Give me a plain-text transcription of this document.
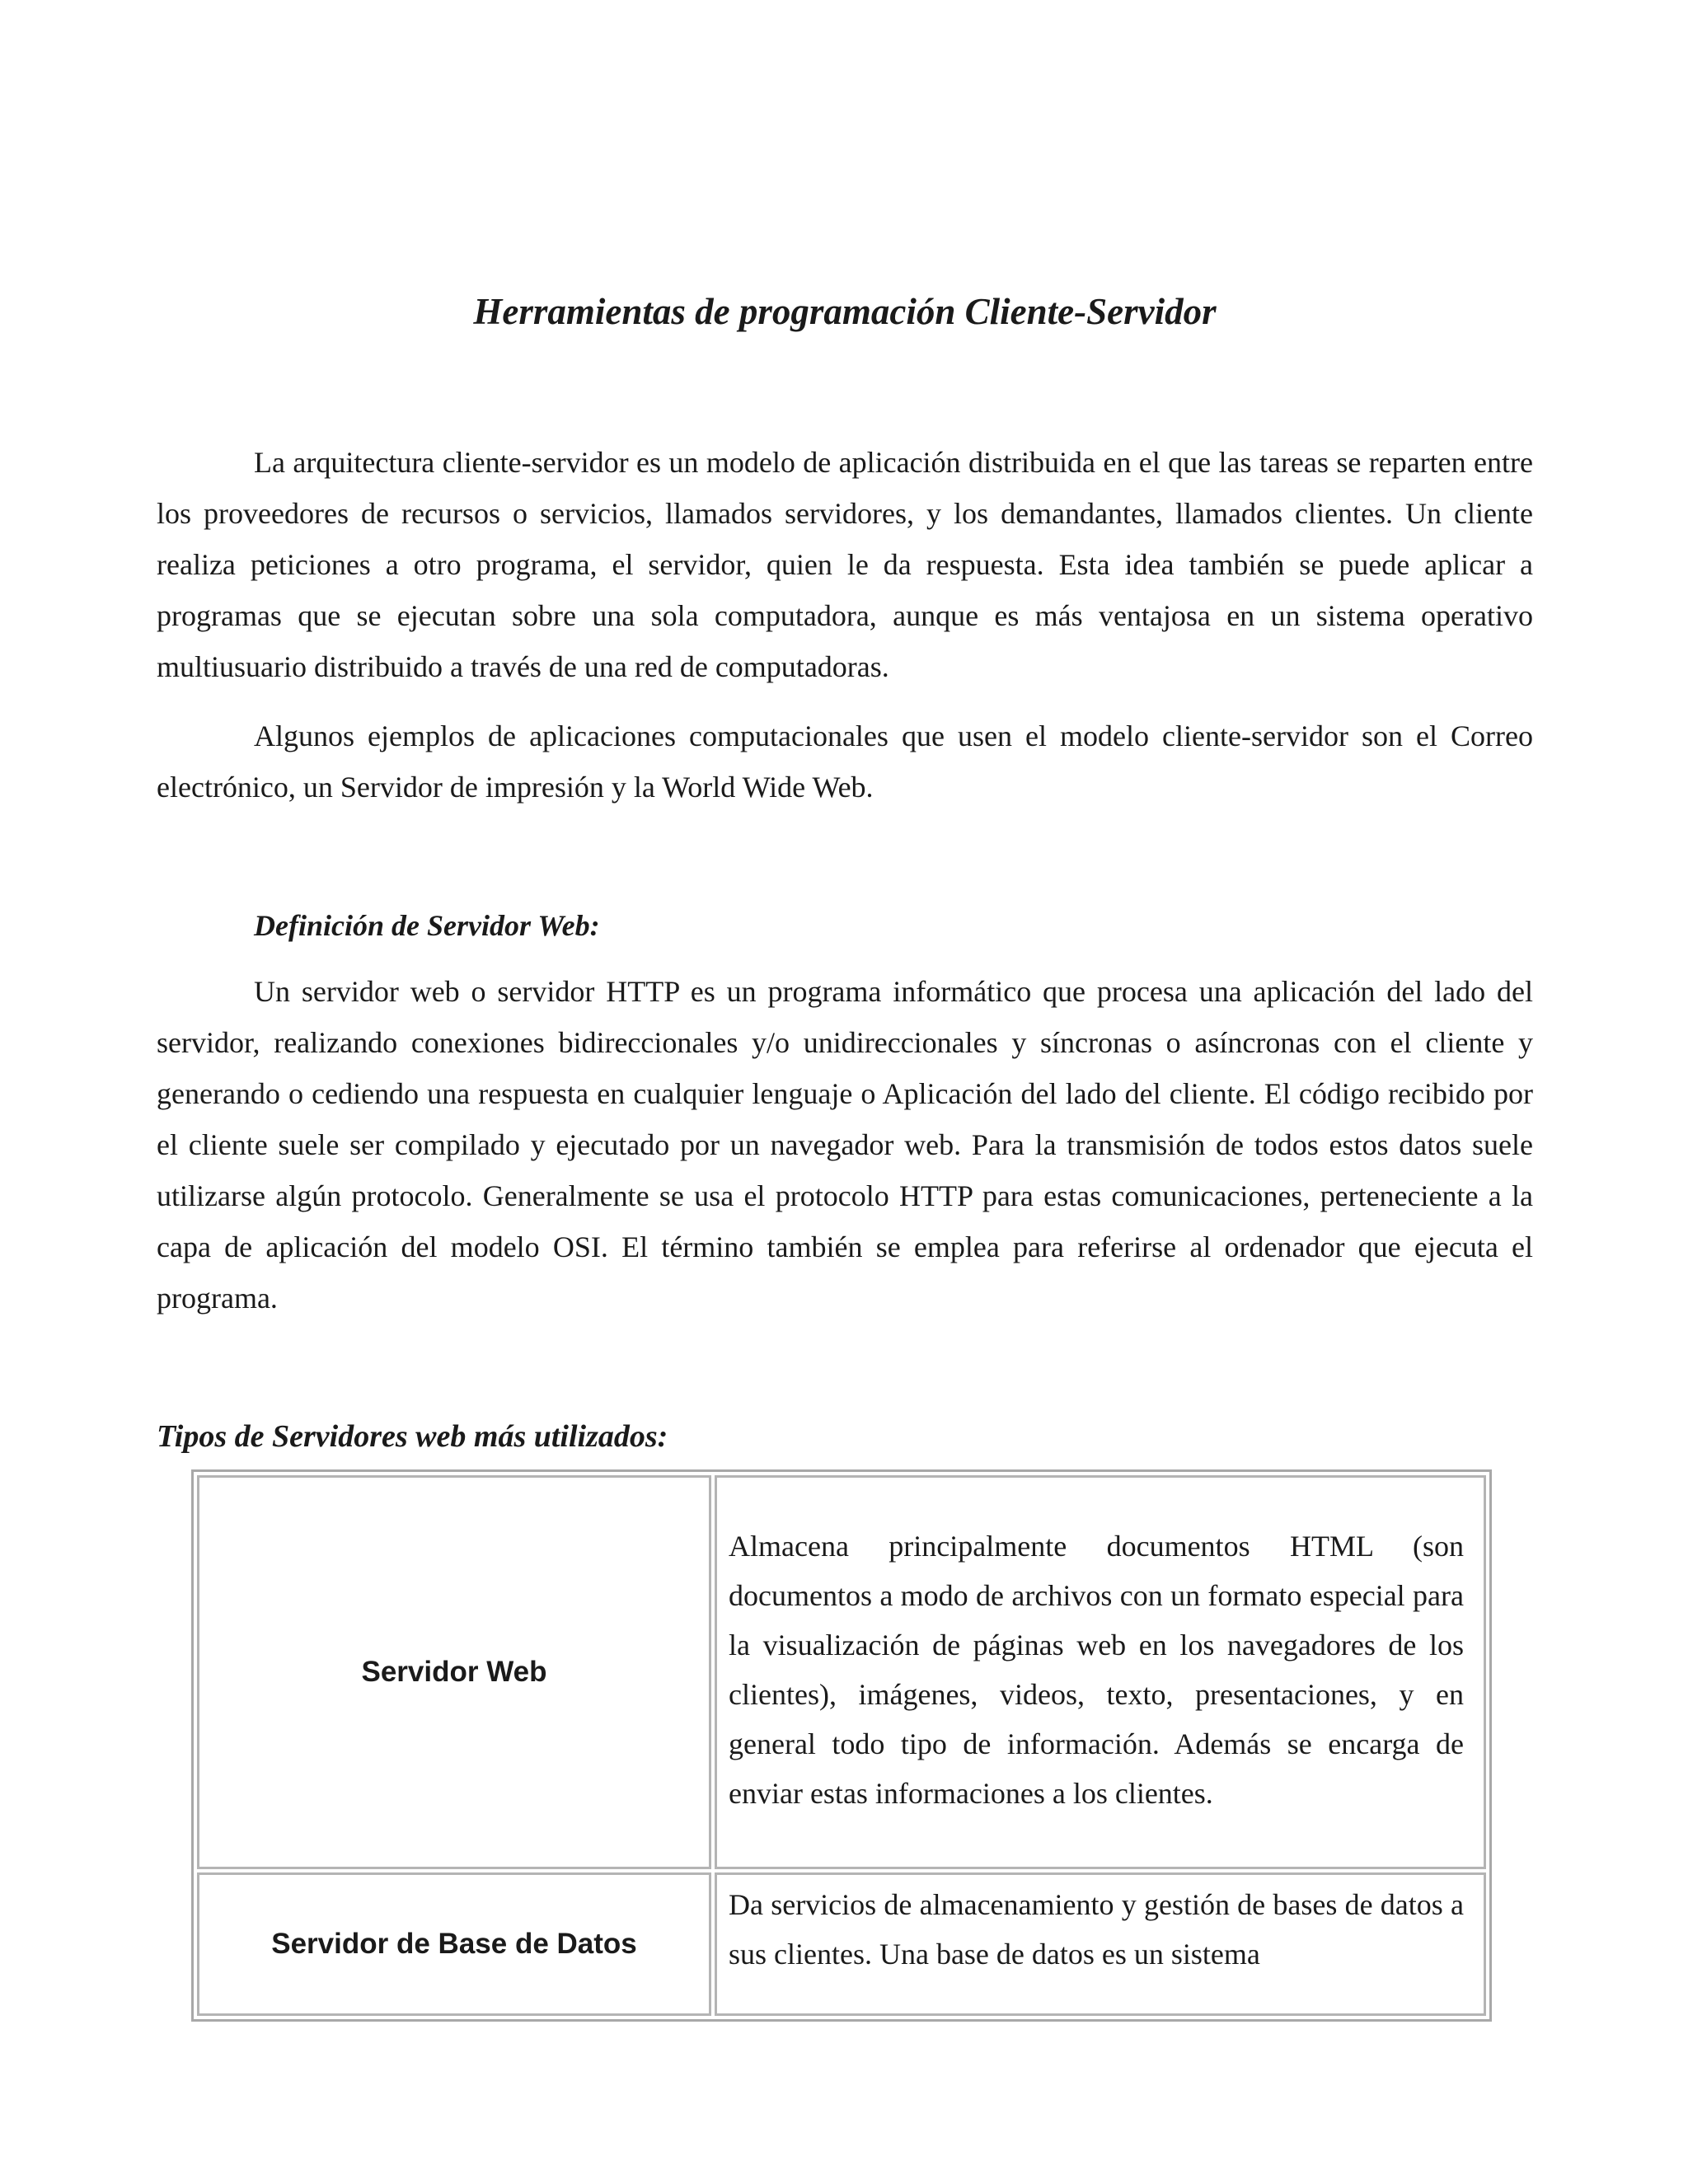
Herramientas de programación Cliente-Servidor

La arquitectura cliente-servidor es un modelo de aplicación distribuida en el que las tareas se reparten entre los proveedores de recursos o servicios, llamados servidores, y los demandantes, llamados clientes. Un cliente realiza peticiones a otro programa, el servidor, quien le da respuesta. Esta idea también se puede aplicar a programas que se ejecutan sobre una sola computadora, aunque es más ventajosa en un sistema operativo multiusuario distribuido a través de una red de computadoras.

Algunos ejemplos de aplicaciones computacionales que usen el modelo cliente-servidor son el Correo electrónico, un Servidor de impresión y la World Wide Web.

Definición de Servidor Web:

Un servidor web o servidor HTTP es un programa informático que procesa una aplicación del lado del servidor, realizando conexiones bidireccionales y/o unidireccionales y síncronas o asíncronas con el cliente y generando o cediendo una respuesta en cualquier lenguaje o Aplicación del lado del cliente. El código recibido por el cliente suele ser compilado y ejecutado por un navegador web. Para la transmisión de todos estos datos suele utilizarse algún protocolo. Generalmente se usa el protocolo HTTP para estas comunicaciones, perteneciente a la capa de aplicación del modelo OSI. El término también se emplea para referirse al ordenador que ejecuta el programa.

Tipos de Servidores web más utilizados:
Servidor Web	Almacena principalmente documentos HTML (son documentos a modo de archivos con un formato especial para la visualización de páginas web en los navegadores de los clientes), imágenes, videos, texto, presentaciones, y en general todo tipo de información. Además se encarga de enviar estas informaciones a los clientes.
Servidor de Base de Datos	Da servicios de almacenamiento y gestión de bases de datos a sus clientes. Una base de datos es un sistema
